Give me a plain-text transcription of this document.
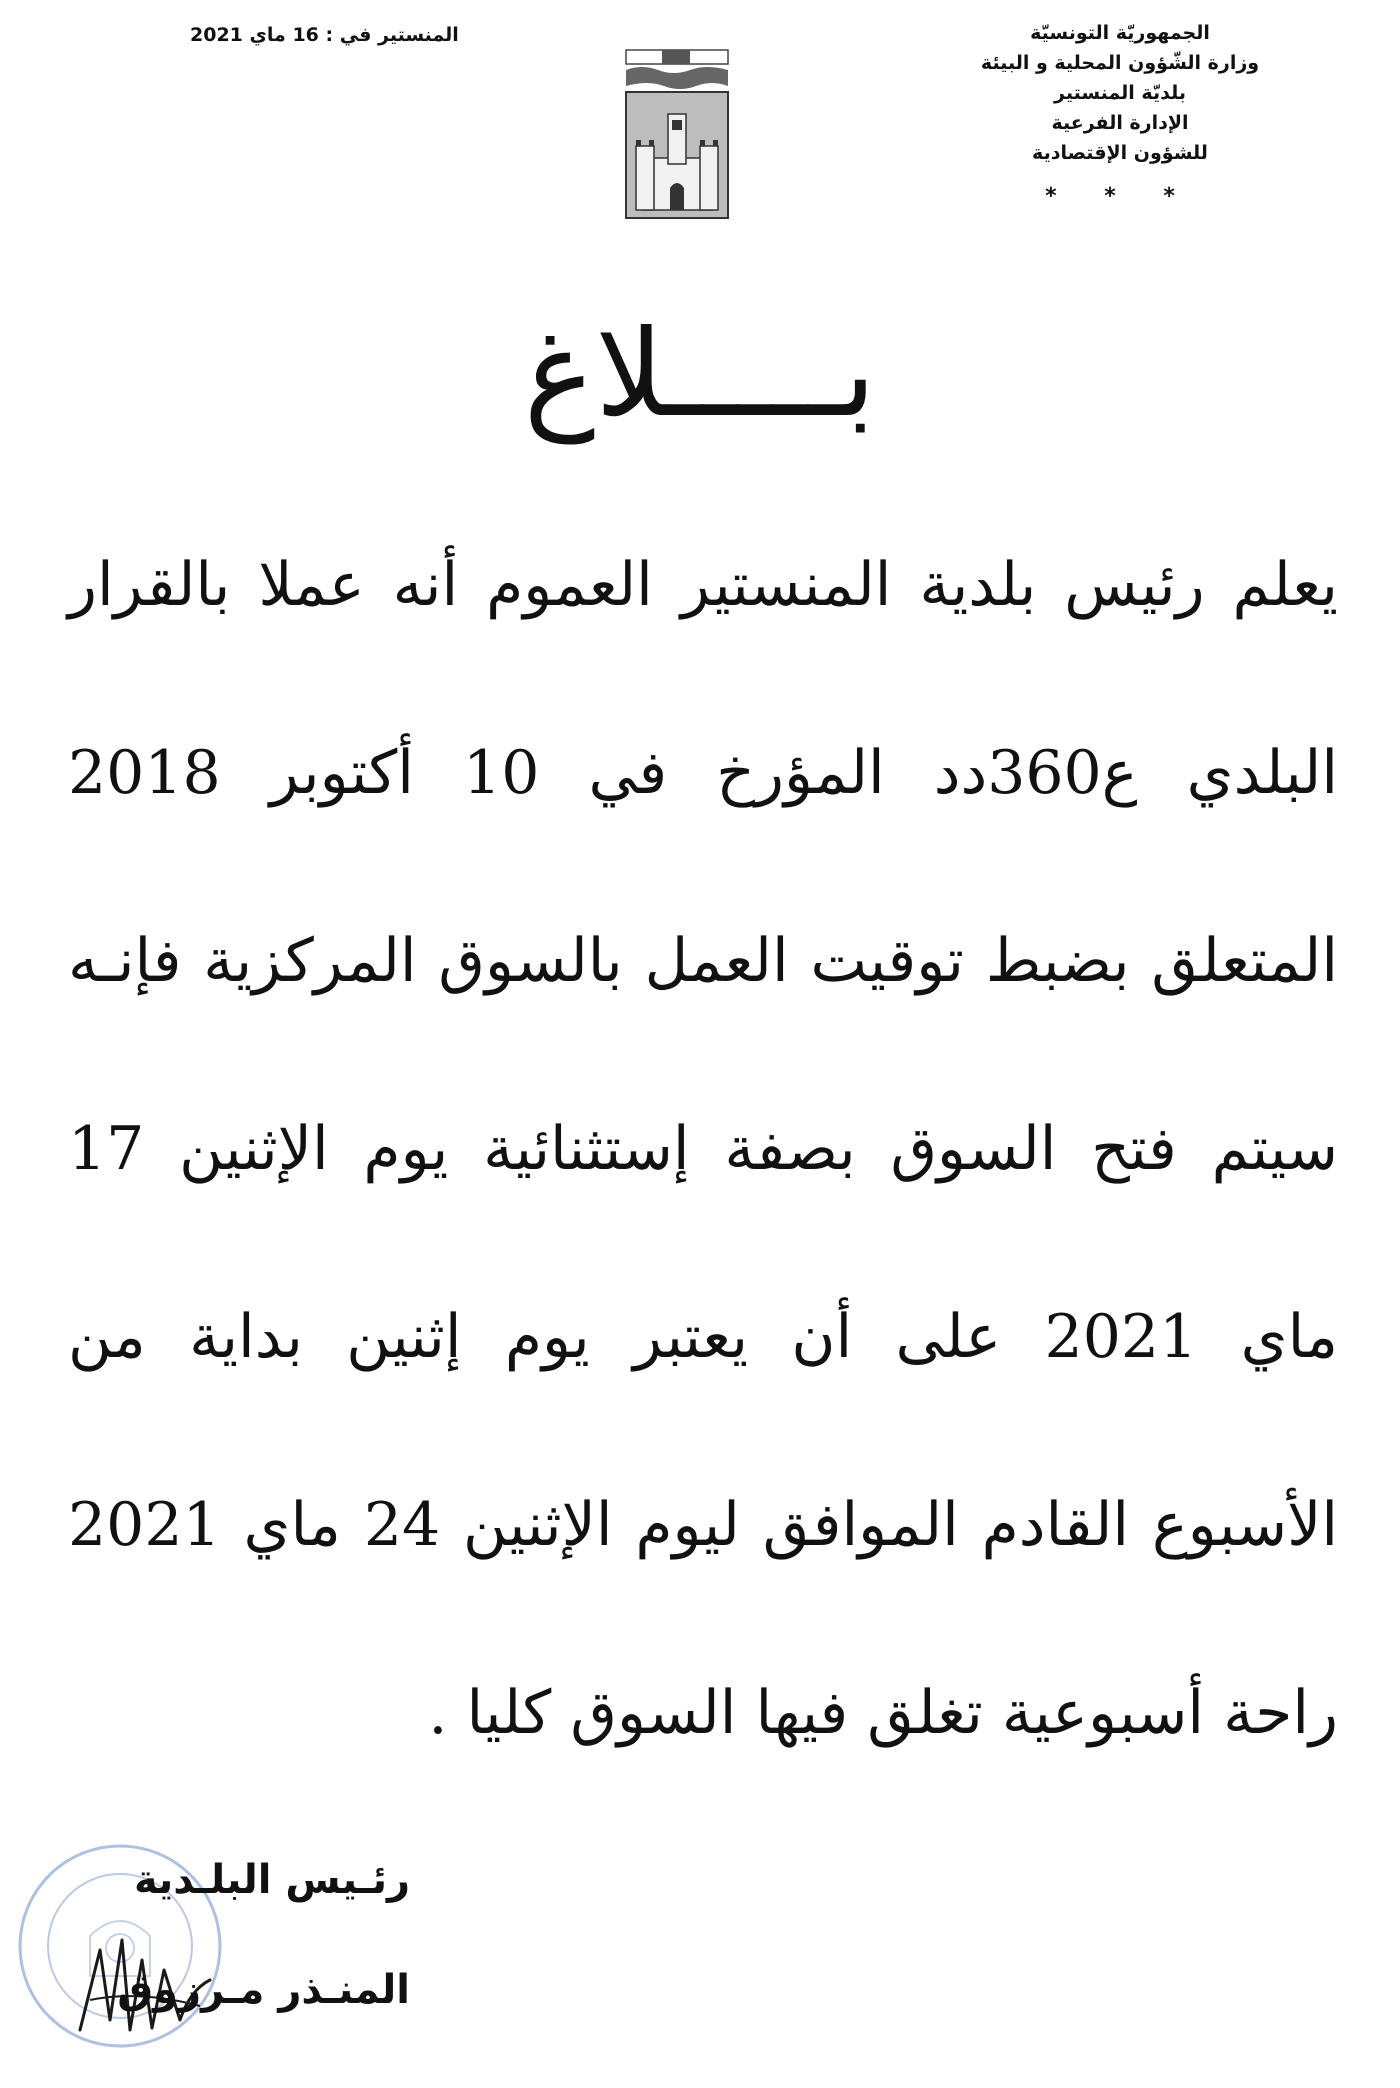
الجمهوريّة التونسيّة
وزارة الشّؤون المحلية و البيئة
بلديّة المنستير
الإدارة الفرعية
للشؤون الإقتصادية
* * *
المنستير في : 16 ماي 2021
بـــــلاغ
يعلم رئيس بلدية المنستير العموم أنه عملا بالقرار
البلدي ع360دد المؤرخ في 10 أكتوبر 2018
المتعلق بضبط توقيت العمل بالسوق المركزية فإنـه
سيتم فتح السوق بصفة إستثنائية يوم الإثنين 17
ماي 2021 على أن يعتبر يوم إثنين بداية من
الأسبوع القادم الموافق ليوم الإثنين 24 ماي 2021
راحة أسبوعية تغلق فيها السوق كليا .
رئـيس البلـدية
المنـذر مـرزوق
